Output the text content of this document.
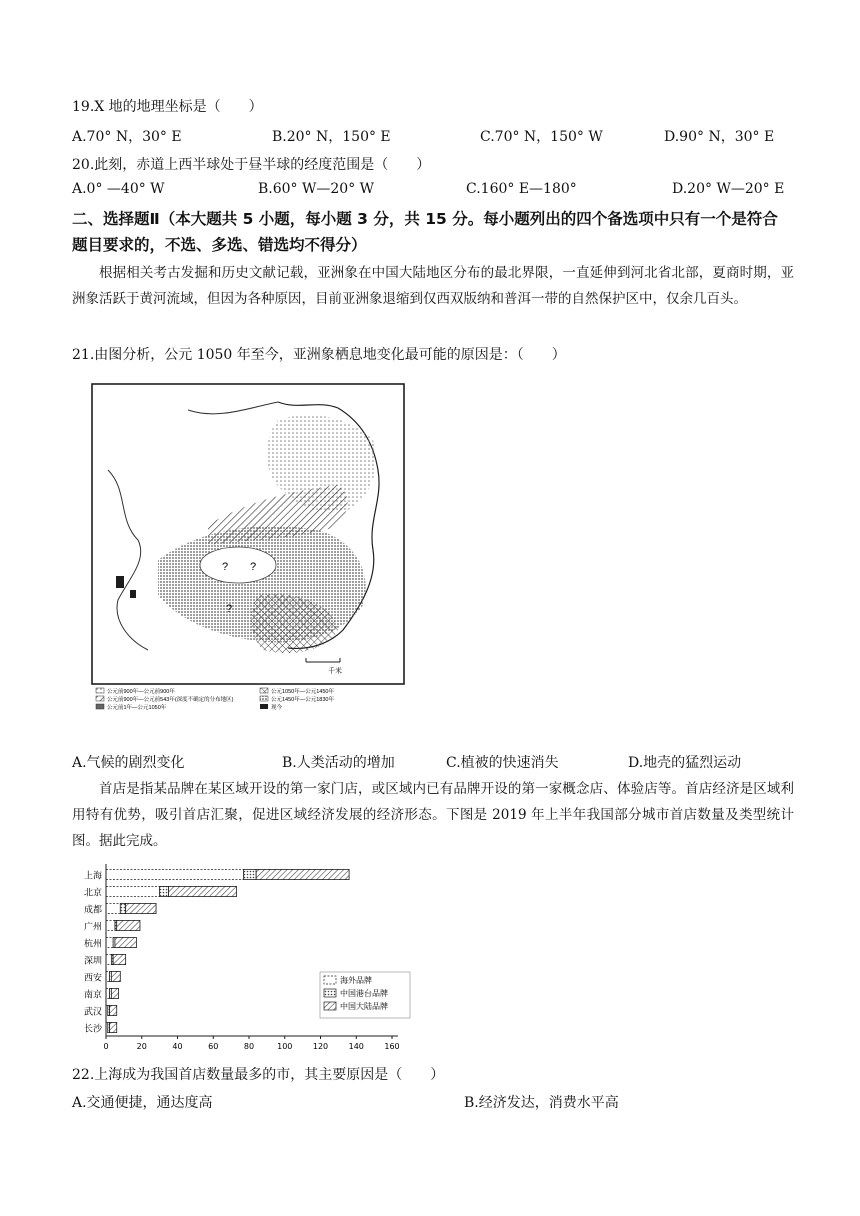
19.X 地的地理坐标是（　　）
A.70° N，30° E	B.20° N，150° E	C.70° N，150° W	D.90° N，30° E
20.此刻，赤道上西半球处于昼半球的经度范围是（　　）
A.0° —40° W	B.60° W—20° W	C.160° E—180°	D.20° W—20° E
二、选择题Ⅱ（本大题共 5 小题，每小题 3 分，共 15 分。每小题列出的四个备选项中只有一个是符合题目要求的，不选、多选、错选均不得分）
根据相关考古发掘和历史文献记载，亚洲象在中国大陆地区分布的最北界限，一直延伸到河北省北部，夏商时期，亚洲象活跃于黄河流域，但因为各种原因，目前亚洲象退缩到仅西双版纳和普洱一带的自然保护区中，仅余几百头。
21.由图分析，公元 1050 年至今，亚洲象栖息地变化最可能的原因是：（　　）
? ?
?
千米
公元前900年—公元前900年
公元前900年—公元前543年(深度不确定的分布地区)
公元前1年—公元1050年
公元1050年—公元1450年
公元1450年—公元1830年
现今
A.气候的剧烈变化	B.人类活动的增加	C.植被的快速消失	D.地壳的猛烈运动
首店是指某品牌在某区域开设的第一家门店，或区域内已有品牌开设的第一家概念店、体验店等。首店经济是区域利用特有优势，吸引首店汇聚，促进区域经济发展的经济形态。下图是 2019 年上半年我国部分城市首店数量及类型统计图。据此完成。
上海
北京
成都
广州
杭州
深圳
西安
南京
武汉
长沙
0	20	40	60	80	100	120	140	160
海外品牌
中国港台品牌
中国大陆品牌
22.上海成为我国首店数量最多的市，其主要原因是（　　）
A.交通便捷，通达度高	B.经济发达，消费水平高
